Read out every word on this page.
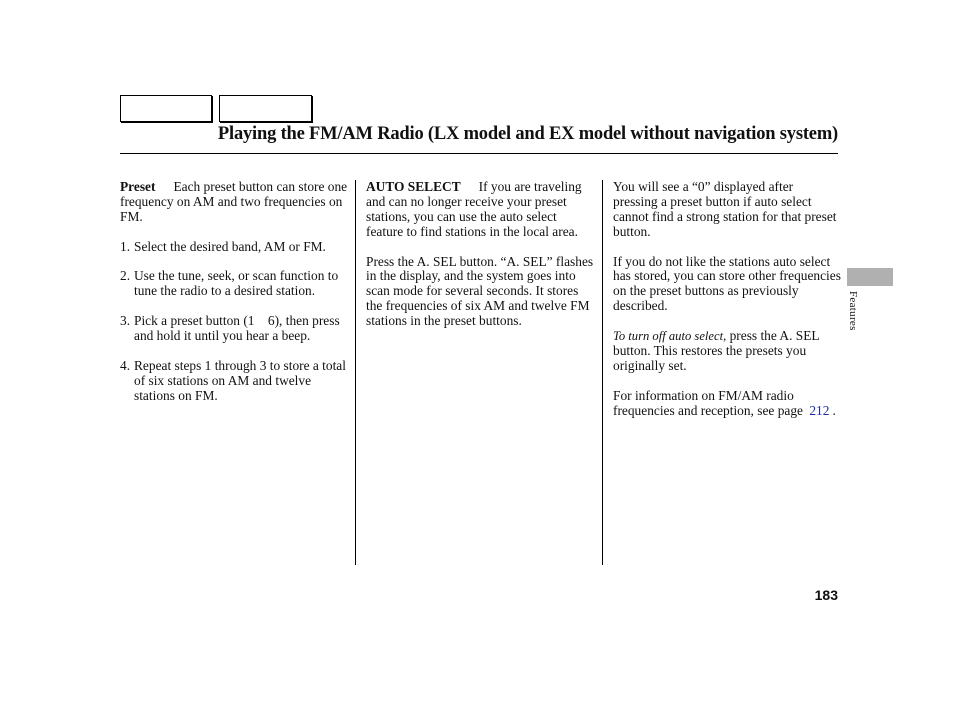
Playing the FM/AM Radio (LX model and EX model without navigation system)

Preset Each preset button can store one frequency on AM and two frequencies on FM.

1. Select the desired band, AM or FM.
2. Use the tune, seek, or scan function to tune the radio to a desired station.
3. Pick a preset button (1    6), then press and hold it until you hear a beep.
4. Repeat steps 1 through 3 to store a total of six stations on AM and twelve stations on FM.

AUTO SELECT If you are traveling and can no longer receive your preset stations, you can use the auto select feature to find stations in the local area.

Press the A. SEL button. “A. SEL” flashes in the display, and the system goes into scan mode for several seconds. It stores the frequencies of six AM and twelve FM stations in the preset buttons.

You will see a “0” displayed after pressing a preset button if auto select cannot find a strong station for that preset button.

If you do not like the stations auto select has stored, you can store other frequencies on the preset buttons as previously described.

To turn off auto select, press the A. SEL button. This restores the presets you originally set.

For information on FM/AM radio frequencies and reception, see page 212 .

Features
183
